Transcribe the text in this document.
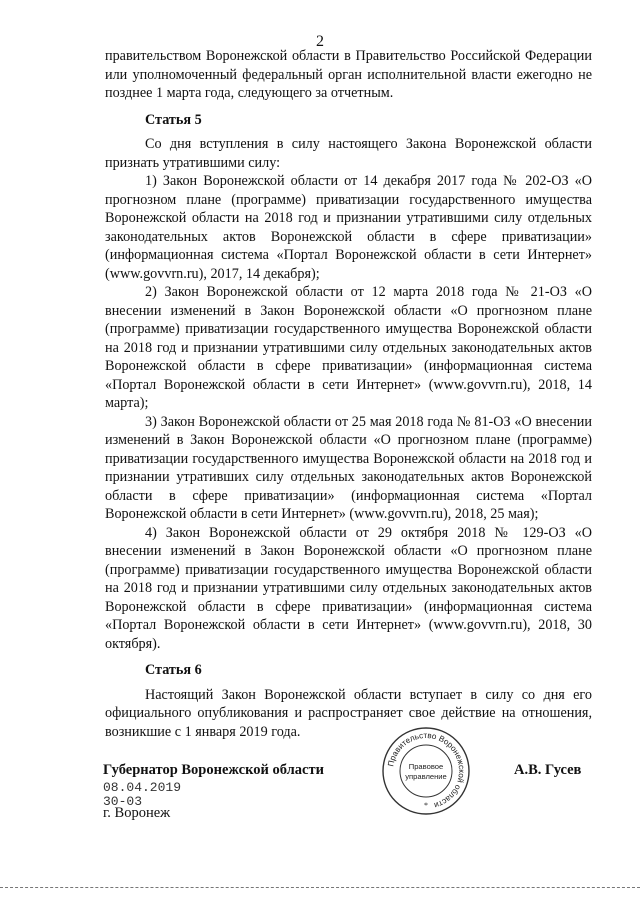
2

правительством Воронежской области в Правительство Российской Федерации или уполномоченный федеральный орган исполнительной власти ежегодно не позднее 1 марта года, следующего за отчетным.

Статья 5

Со дня вступления в силу настоящего Закона Воронежской области признать утратившими силу:

1) Закон Воронежской области от 14 декабря 2017 года № 202-ОЗ «О прогнозном плане (программе) приватизации государственного имущества Воронежской области на 2018 год и признании утратившими силу отдельных законодательных актов Воронежской области в сфере приватизации» (информационная система «Портал Воронежской области в сети Интернет» (www.govvrn.ru), 2017, 14 декабря);

2) Закон Воронежской области от 12 марта 2018 года № 21-ОЗ «О внесении изменений в Закон Воронежской области «О прогнозном плане (программе) приватизации государственного имущества Воронежской области на 2018 год и признании утратившими силу отдельных законодательных актов Воронежской области в сфере приватизации» (информационная система «Портал Воронежской области в сети Интернет» (www.govvrn.ru), 2018, 14 марта);

3) Закон Воронежской области от 25 мая 2018 года № 81-ОЗ «О внесении изменений в Закон Воронежской области «О прогнозном плане (программе) приватизации государственного имущества Воронежской области на 2018 год и признании утративших силу отдельных законодательных актов Воронежской области в сфере приватизации» (информационная система «Портал Воронежской области в сети Интернет» (www.govvrn.ru), 2018, 25 мая);

4) Закон Воронежской области от 29 октября 2018 № 129-ОЗ «О внесении изменений в Закон Воронежской области «О прогнозном плане (программе) приватизации государственного имущества Воронежской области на 2018 год и признании утратившими силу отдельных законодательных актов Воронежской области в сфере приватизации» (информационная система «Портал Воронежской области в сети Интернет» (www.govvrn.ru), 2018, 30 октября).

Статья 6

Настоящий Закон Воронежской области вступает в силу со дня его официального опубликования и распространяет свое действие на отношения, возникшие с 1 января 2019 года.

Губернатор Воронежской области
08.04.2019
30-03
г. Воронеж
А.В. Гусев
Правительство Воронежской области
Правовое
управление
*
